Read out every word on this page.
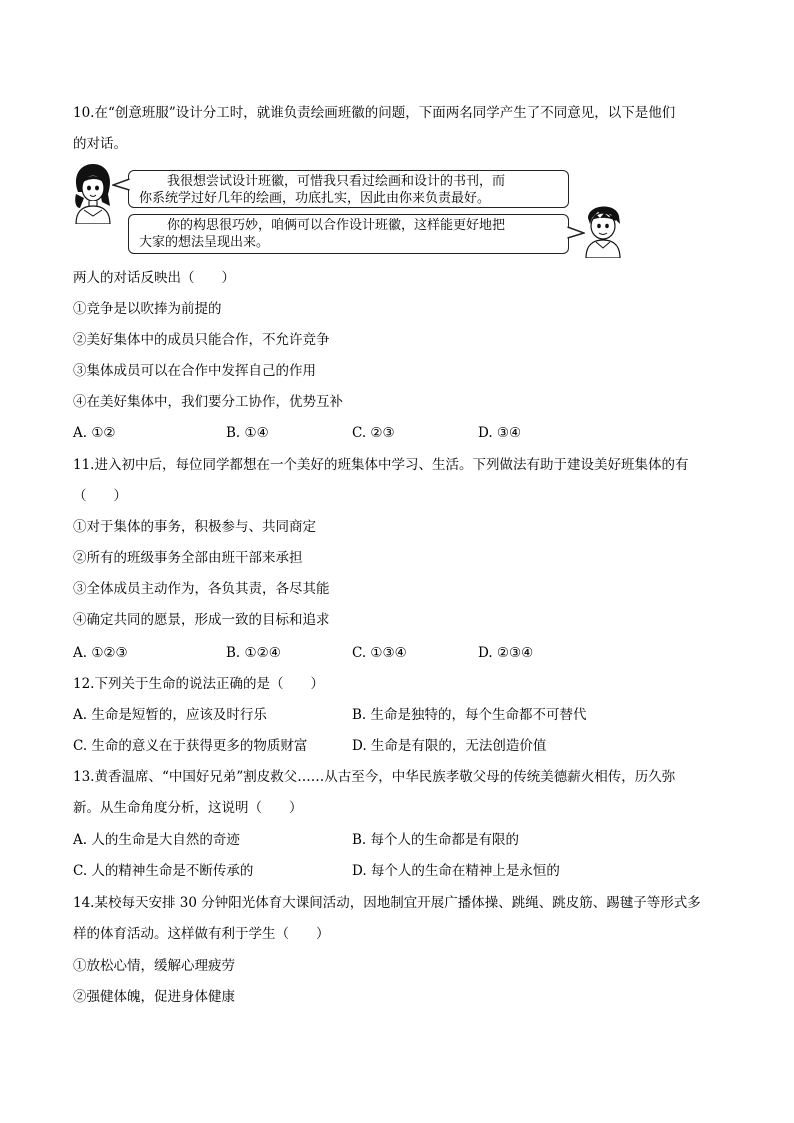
10.在“创意班服”设计分工时，就谁负责绘画班徽的问题，下面两名同学产生了不同意见，以下是他们
的对话。
我很想尝试设计班徽，可惜我只看过绘画和设计的书刊，而
你系统学过好几年的绘画，功底扎实，因此由你来负责最好。
你的构思很巧妙，咱俩可以合作设计班徽，这样能更好地把
大家的想法呈现出来。
两人的对话反映出（　　）
①竞争是以吹捧为前提的
②美好集体中的成员只能合作，不允许竞争
③集体成员可以在合作中发挥自己的作用
④在美好集体中，我们要分工协作，优势互补
A. ①②	B. ①④	C. ②③	D. ③④
11.进入初中后，每位同学都想在一个美好的班集体中学习、生活。下列做法有助于建设美好班集体的有
（　　）
①对于集体的事务，积极参与、共同商定
②所有的班级事务全部由班干部来承担
③全体成员主动作为，各负其责，各尽其能
④确定共同的愿景，形成一致的目标和追求
A. ①②③	B. ①②④	C. ①③④	D. ②③④
12.下列关于生命的说法正确的是（　　）
A. 生命是短暂的，应该及时行乐	B. 生命是独特的，每个生命都不可替代
C. 生命的意义在于获得更多的物质财富	D. 生命是有限的，无法创造价值
13.黄香温席、“中国好兄弟”割皮救父……从古至今，中华民族孝敬父母的传统美德薪火相传，历久弥
新。从生命角度分析，这说明（　　）
A. 人的生命是大自然的奇迹	B. 每个人的生命都是有限的
C. 人的精神生命是不断传承的	D. 每个人的生命在精神上是永恒的
14.某校每天安排 30 分钟阳光体育大课间活动，因地制宜开展广播体操、跳绳、跳皮筋、踢毽子等形式多
样的体育活动。这样做有利于学生（　　）
①放松心情，缓解心理疲劳
②强健体魄，促进身体健康
